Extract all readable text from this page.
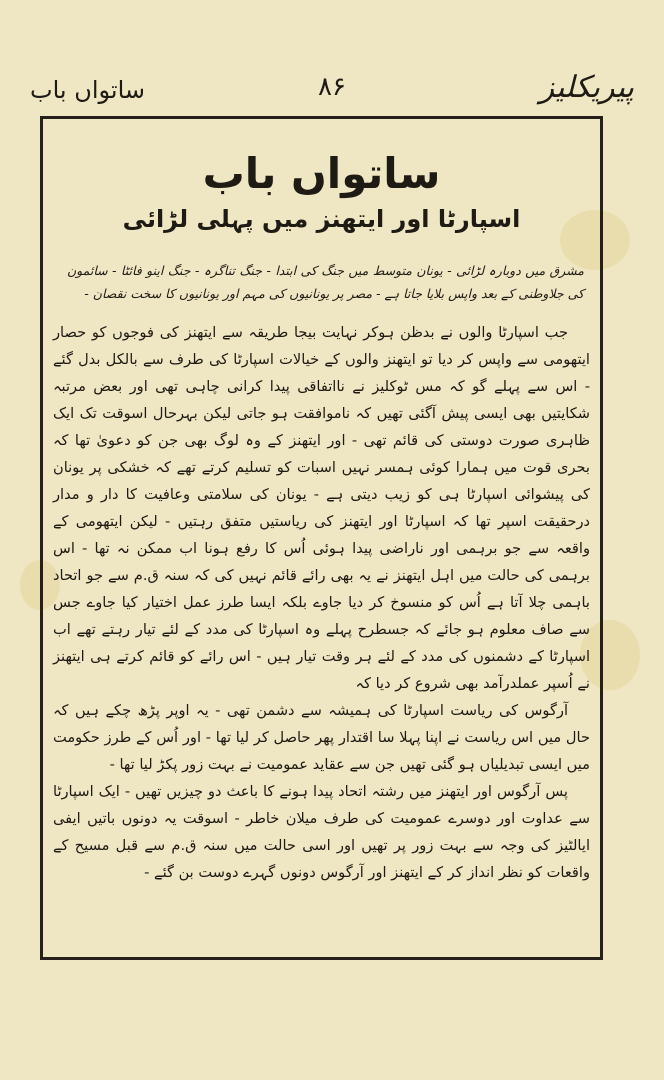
پیریکلیز
۸۶
ساتواں باب
ساتواں باب
اسپارٹا اور ایتھنز میں پہلی لڑائی
مشرق میں دوبارہ لڑائی - یونان متوسط میں جنگ کی ابتدا - جنگ تناگرہ - جنگ اینو فائٹا - سائمون کی جلاوطنی کے بعد واپس بلایا جاتا ہے - مصر پر یونانیوں کی مہم اور یونانیوں کا سخت نقصان -

جب اسپارٹا والوں نے بدظن ہوکر نہایت بیجا طریقہ سے ایتھنز کی فوجوں کو حصار ایتھومی سے واپس کر دیا تو ایتھنز والوں کے خیالات اسپارٹا کی طرف سے بالکل بدل گئے - اس سے پہلے گو کہ مس ٹوکلیز نے نااتفاقی پیدا کرانی چاہی تھی اور بعض مرتبہ شکایتیں بھی ایسی پیش آگئی تھیں کہ ناموافقت ہو جاتی لیکن بہرحال اسوقت تک ایک ظاہری صورت دوستی کی قائم تھی - اور ایتھنز کے وہ لوگ بھی جن کو دعویٰ تھا کہ بحری قوت میں ہمارا کوئی ہمسر نہیں اسبات کو تسلیم کرتے تھے کہ خشکی پر یونان کی پیشوائی اسپارٹا ہی کو زیب دیتی ہے - یونان کی سلامتی وعافیت کا دار و مدار درحقیقت اسپر تھا کہ اسپارٹا اور ایتھنز کی ریاستیں متفق رہتیں - لیکن ایتھومی کے واقعہ سے جو برہمی اور ناراضی پیدا ہوئی اُس کا رفع ہونا اب ممکن نہ تھا - اس برہمی کی حالت میں اہل ایتھنز نے یہ بھی رائے قائم نہیں کی کہ سنہ ق.م سے جو اتحاد باہمی چلا آتا ہے اُس کو منسوخ کر دیا جاوے بلکہ ایسا طرز عمل اختیار کیا جاوے جس سے صاف معلوم ہو جائے کہ جسطرح پہلے وہ اسپارٹا کی مدد کے لئے تیار رہتے تھے اب اسپارٹا کے دشمنوں کی مدد کے لئے ہر وقت تیار ہیں - اس رائے کو قائم کرتے ہی ایتھنز نے اُسپر عملدرآمد بھی شروع کر دیا کہ

آرگوس کی ریاست اسپارٹا کی ہمیشہ سے دشمن تھی - یہ اوپر پڑھ چکے ہیں کہ حال میں اس ریاست نے اپنا پہلا سا اقتدار پھر حاصل کر لیا تھا - اور اُس کے طرز حکومت میں ایسی تبدیلیاں ہو گئی تھیں جن سے عقاید عمومیت نے بہت زور پکڑ لیا تھا -

پس آرگوس اور ایتھنز میں رشتہ اتحاد پیدا ہونے کا باعث دو چیزیں تھیں - ایک اسپارٹا سے عداوت اور دوسرے عمومیت کی طرف میلان خاطر - اسوقت یہ دونوں باتیں ایفی ایالٹیز کی وجہ سے بہت زور پر تھیں اور اسی حالت میں سنہ ق.م سے قبل مسیح کے واقعات کو نظر انداز کر کے ایتھنز اور آرگوس دونوں گہرے دوست بن گئے -
